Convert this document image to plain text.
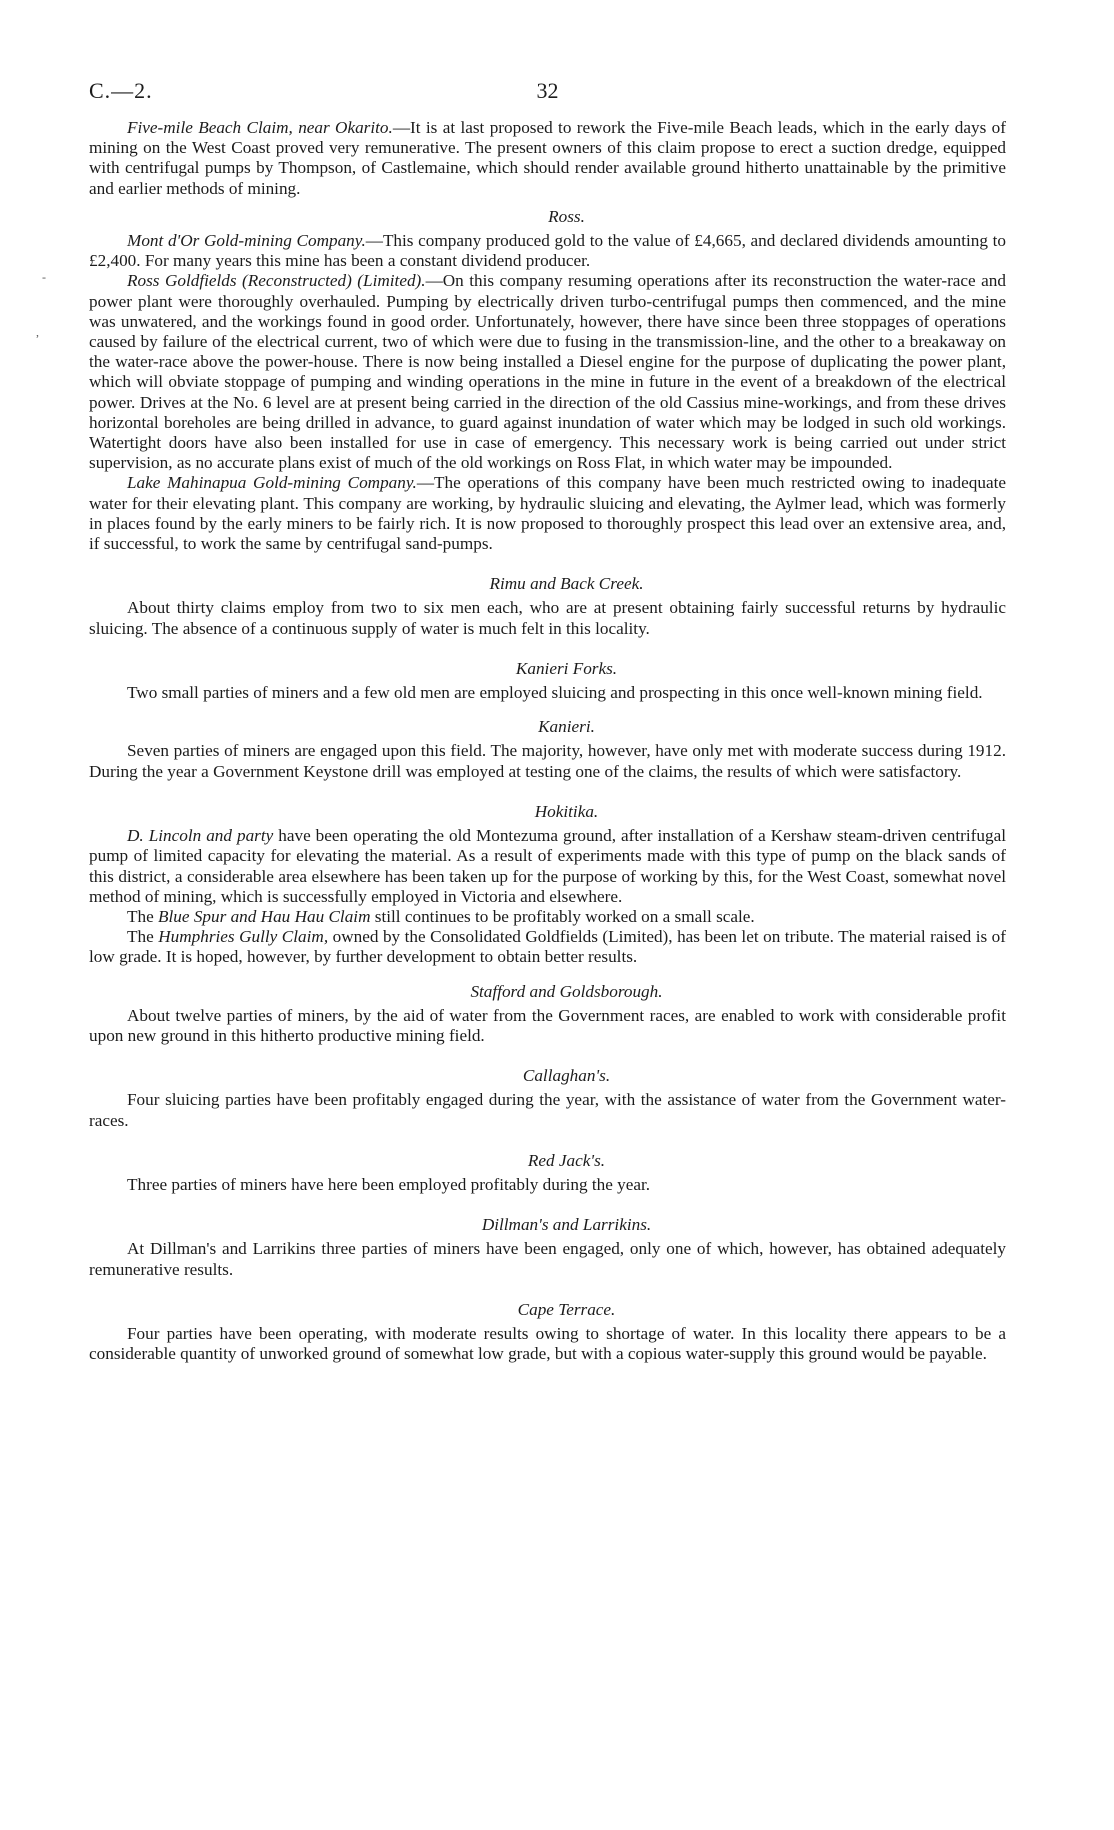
-
,
C.—2.	32

Five-mile Beach Claim, near Okarito.—It is at last proposed to rework the Five-mile Beach leads, which in the early days of mining on the West Coast proved very remunerative. The present owners of this claim propose to erect a suction dredge, equipped with centrifugal pumps by Thompson, of Castlemaine, which should render available ground hitherto unattainable by the primitive and earlier methods of mining.

Ross.

Mont d'Or Gold-mining Company.—This company produced gold to the value of £4,665, and declared dividends amounting to £2,400. For many years this mine has been a constant dividend producer.

Ross Goldfields (Reconstructed) (Limited).—On this company resuming operations after its reconstruction the water-race and power plant were thoroughly overhauled. Pumping by electrically driven turbo-centrifugal pumps then commenced, and the mine was unwatered, and the workings found in good order. Unfortunately, however, there have since been three stoppages of operations caused by failure of the electrical current, two of which were due to fusing in the transmission-line, and the other to a breakaway on the water-race above the power-house. There is now being installed a Diesel engine for the purpose of duplicating the power plant, which will obviate stoppage of pumping and winding operations in the mine in future in the event of a breakdown of the electrical power. Drives at the No. 6 level are at present being carried in the direction of the old Cassius mine-workings, and from these drives horizontal boreholes are being drilled in advance, to guard against inundation of water which may be lodged in such old workings. Watertight doors have also been installed for use in case of emergency. This necessary work is being carried out under strict supervision, as no accurate plans exist of much of the old workings on Ross Flat, in which water may be impounded.

Lake Mahinapua Gold-mining Company.—The operations of this company have been much restricted owing to inadequate water for their elevating plant. This company are working, by hydraulic sluicing and elevating, the Aylmer lead, which was formerly in places found by the early miners to be fairly rich. It is now proposed to thoroughly prospect this lead over an extensive area, and, if successful, to work the same by centrifugal sand-pumps.

Rimu and Back Creek.

About thirty claims employ from two to six men each, who are at present obtaining fairly successful returns by hydraulic sluicing. The absence of a continuous supply of water is much felt in this locality.

Kanieri Forks.

Two small parties of miners and a few old men are employed sluicing and prospecting in this once well-known mining field.

Kanieri.

Seven parties of miners are engaged upon this field. The majority, however, have only met with moderate success during 1912. During the year a Government Keystone drill was employed at testing one of the claims, the results of which were satisfactory.

Hokitika.

D. Lincoln and party have been operating the old Montezuma ground, after installation of a Kershaw steam-driven centrifugal pump of limited capacity for elevating the material. As a result of experiments made with this type of pump on the black sands of this district, a considerable area elsewhere has been taken up for the purpose of working by this, for the West Coast, somewhat novel method of mining, which is successfully employed in Victoria and elsewhere.

The Blue Spur and Hau Hau Claim still continues to be profitably worked on a small scale.

The Humphries Gully Claim, owned by the Consolidated Goldfields (Limited), has been let on tribute. The material raised is of low grade. It is hoped, however, by further development to obtain better results.

Stafford and Goldsborough.

About twelve parties of miners, by the aid of water from the Government races, are enabled to work with considerable profit upon new ground in this hitherto productive mining field.

Callaghan's.

Four sluicing parties have been profitably engaged during the year, with the assistance of water from the Government water-races.

Red Jack's.

Three parties of miners have here been employed profitably during the year.

Dillman's and Larrikins.

At Dillman's and Larrikins three parties of miners have been engaged, only one of which, however, has obtained adequately remunerative results.

Cape Terrace.

Four parties have been operating, with moderate results owing to shortage of water. In this locality there appears to be a considerable quantity of unworked ground of somewhat low grade, but with a copious water-supply this ground would be payable.
